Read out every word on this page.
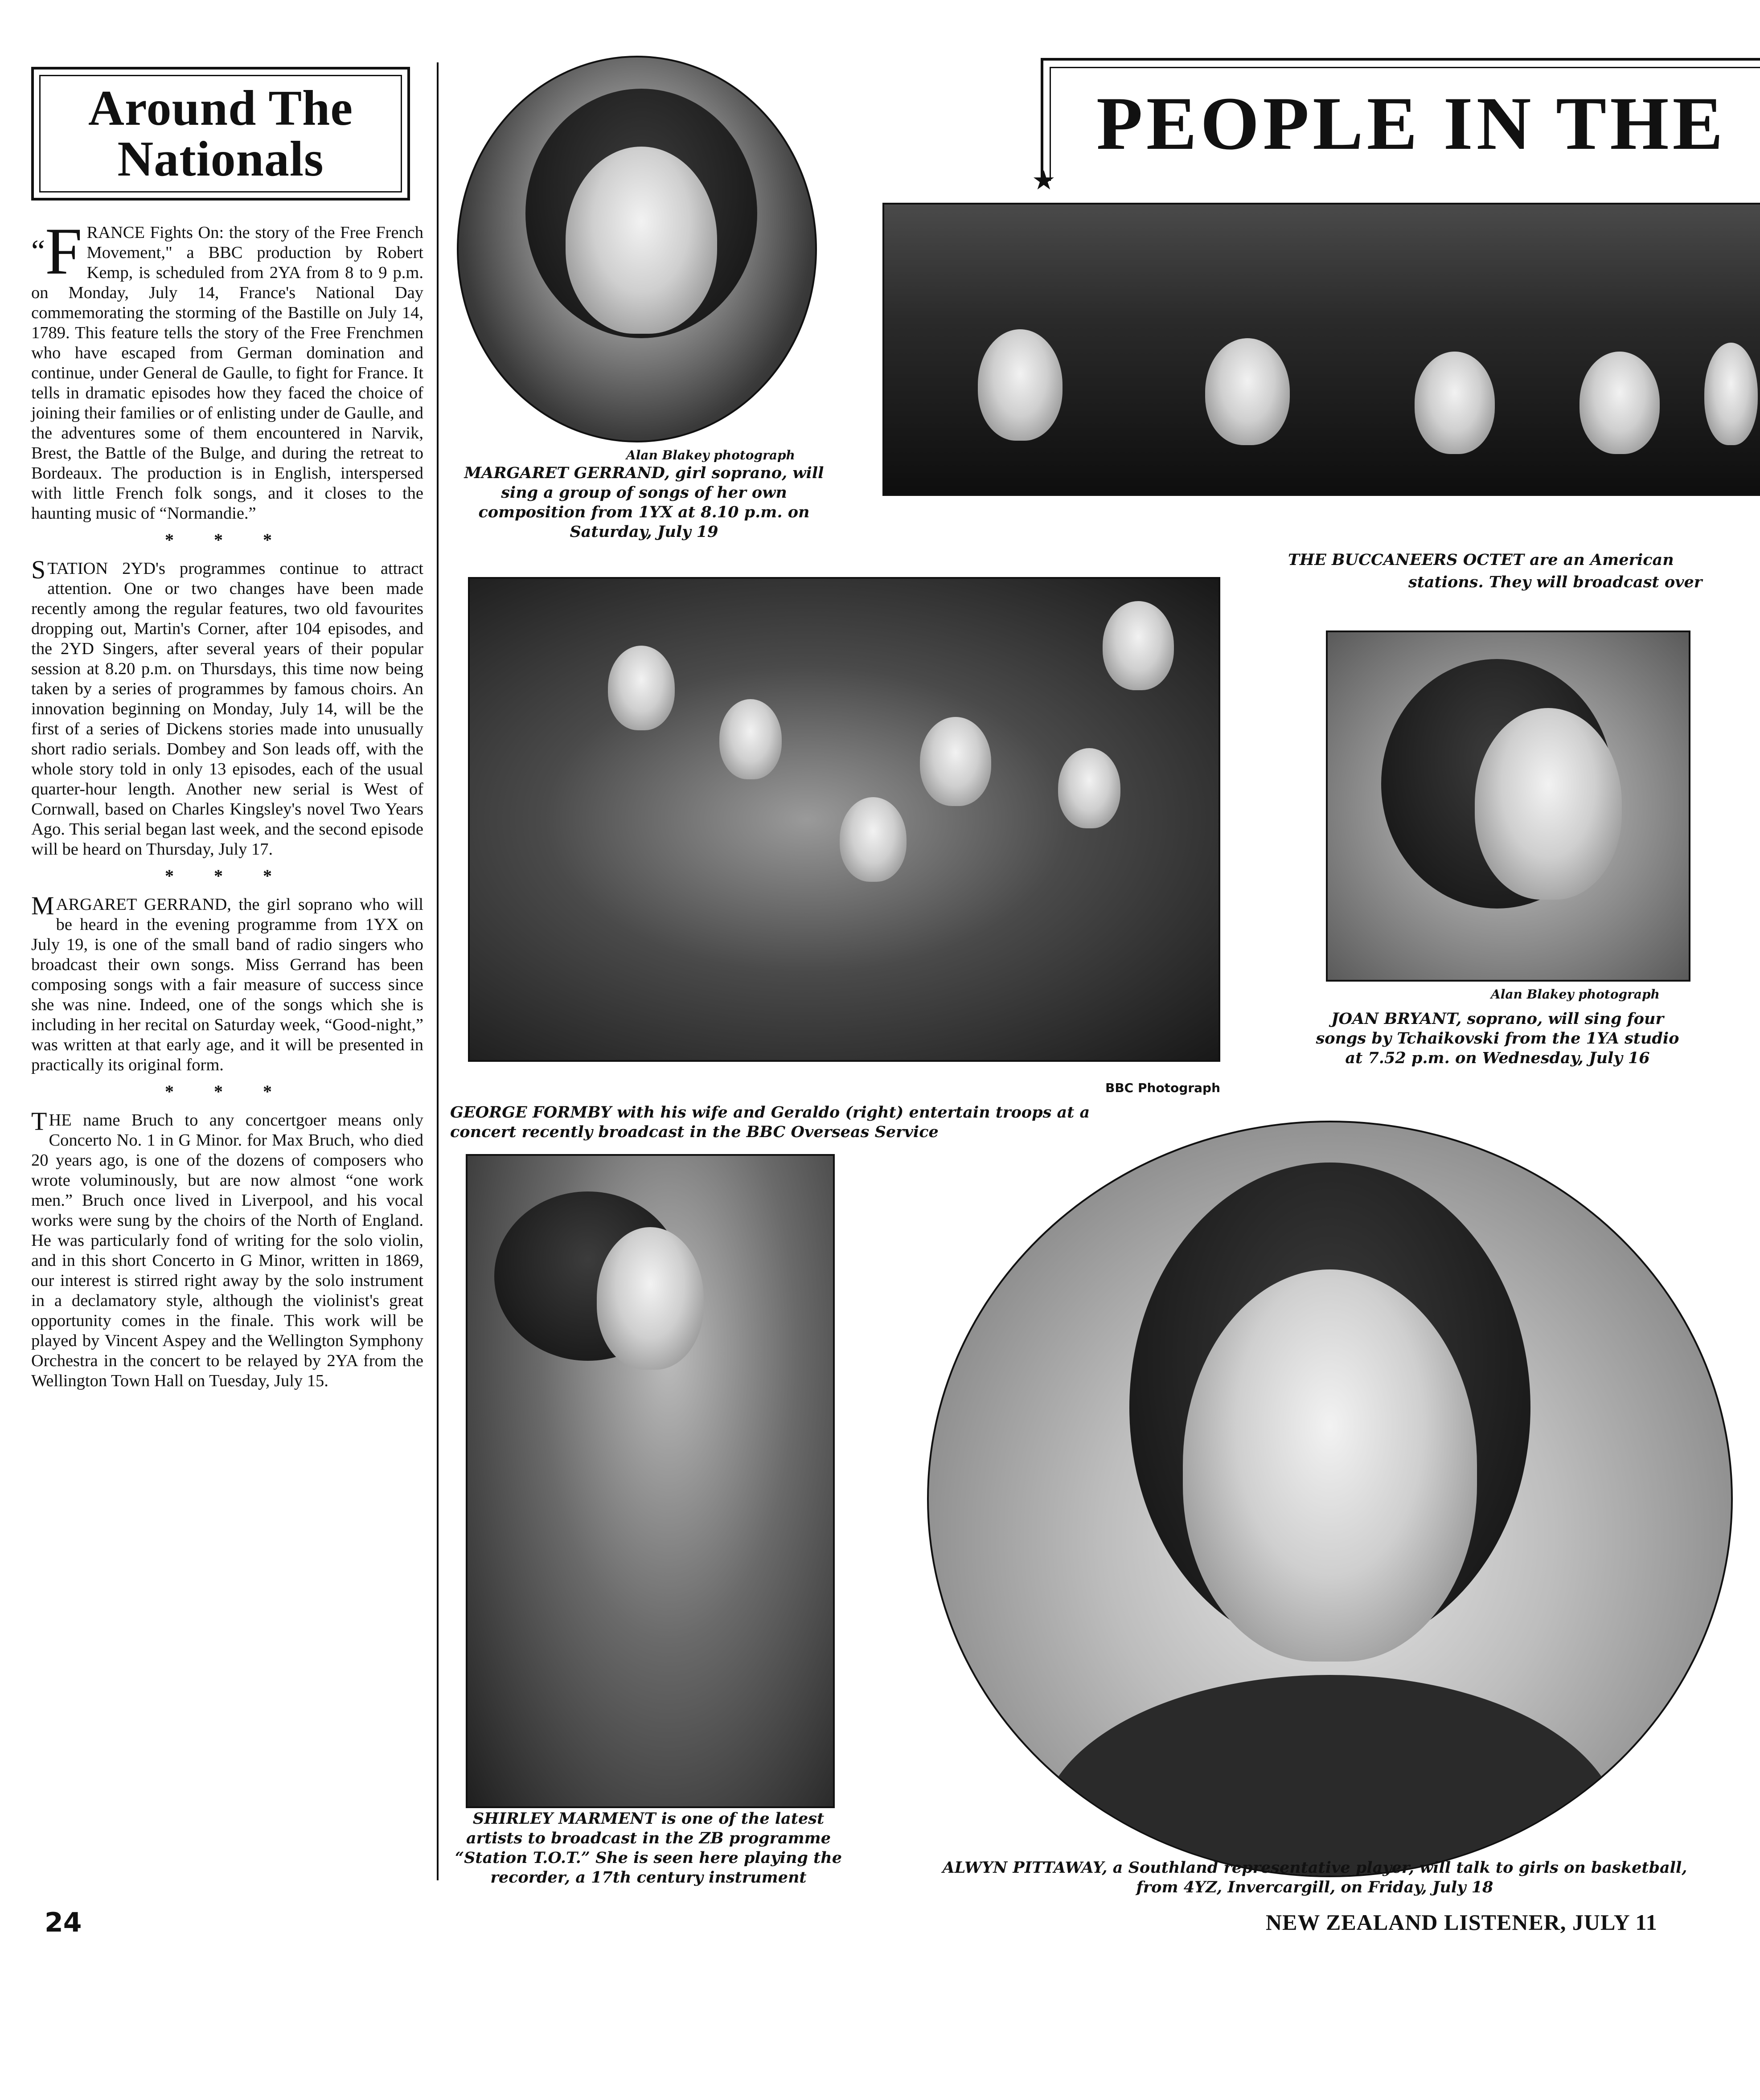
Around The
Nationals

“F RANCE Fights On: the story of the Free French Movement," a BBC production by Robert Kemp, is scheduled from 2YA from 8 to 9 p.m. on Monday, July 14, France's National Day commemorating the storming of the Bastille on July 14, 1789. This feature tells the story of the Free Frenchmen who have escaped from German domination and continue, under General de Gaulle, to fight for France. It tells in dramatic episodes how they faced the choice of joining their families or of enlisting under de Gaulle, and the adventures some of them encountered in Narvik, Brest, the Battle of the Bulge, and during the retreat to Bordeaux. The production is in English, interspersed with little French folk songs, and it closes to the haunting music of “Normandie.”

* * *

STATION 2YD's programmes continue to attract attention. One or two changes have been made recently among the regular features, two old favourites dropping out, Martin's Corner, after 104 episodes, and the 2YD Singers, after several years of their popular session at 8.20 p.m. on Thursdays, this time now being taken by a series of programmes by famous choirs. An innovation beginning on Monday, July 14, will be the first of a series of Dickens stories made into unusually short radio serials. Dombey and Son leads off, with the whole story told in only 13 episodes, each of the usual quarter-hour length. Another new serial is West of Cornwall, based on Charles Kingsley's novel Two Years Ago. This serial began last week, and the second episode will be heard on Thursday, July 17.

* * *

MARGARET GERRAND, the girl soprano who will be heard in the evening programme from 1YX on July 19, is one of the small band of radio singers who broadcast their own songs. Miss Gerrand has been composing songs with a fair measure of success since she was nine. Indeed, one of the songs which she is including in her recital on Saturday week, “Good-night,” was written at that early age, and it will be presented in practically its original form.

* * *

THE name Bruch to any concertgoer means only Concerto No. 1 in G Minor. for Max Bruch, who died 20 years ago, is one of the dozens of composers who wrote voluminously, but are now almost “one work men.” Bruch once lived in Liverpool, and his vocal works were sung by the choirs of the North of England. He was particularly fond of writing for the solo violin, and in this short Concerto in G Minor, written in 1869, our interest is stirred right away by the solo instrument in a declamatory style, although the violinist's great opportunity comes in the finale. This work will be played by Vincent Aspey and the Wellington Symphony Orchestra in the concert to be relayed by 2YA from the Wellington Town Hall on Tuesday, July 15.

★
PEOPLE IN THE
Alan Blakey photograph
MARGARET GERRAND, girl soprano, will sing a group of songs of her own composition from 1YX at 8.10 p.m. on Saturday, July 19
THE BUCCANEERS OCTET are an American
stations. They will broadcast over
BBC Photograph
GEORGE FORMBY with his wife and Geraldo (right) entertain troops at a concert recently broadcast in the BBC Overseas Service
Alan Blakey photograph
JOAN BRYANT, soprano, will sing four songs by Tchaikovski from the 1YA studio at 7.52 p.m. on Wednesday, July 16
SHIRLEY MARMENT is one of the latest artists to broadcast in the ZB programme “Station T.O.T.” She is seen here playing the recorder, a 17th century instrument
ALWYN PITTAWAY, a Southland representative player, will talk to girls on basketball, from 4YZ, Invercargill, on Friday, July 18
24	NEW ZEALAND LISTENER, JULY 11
